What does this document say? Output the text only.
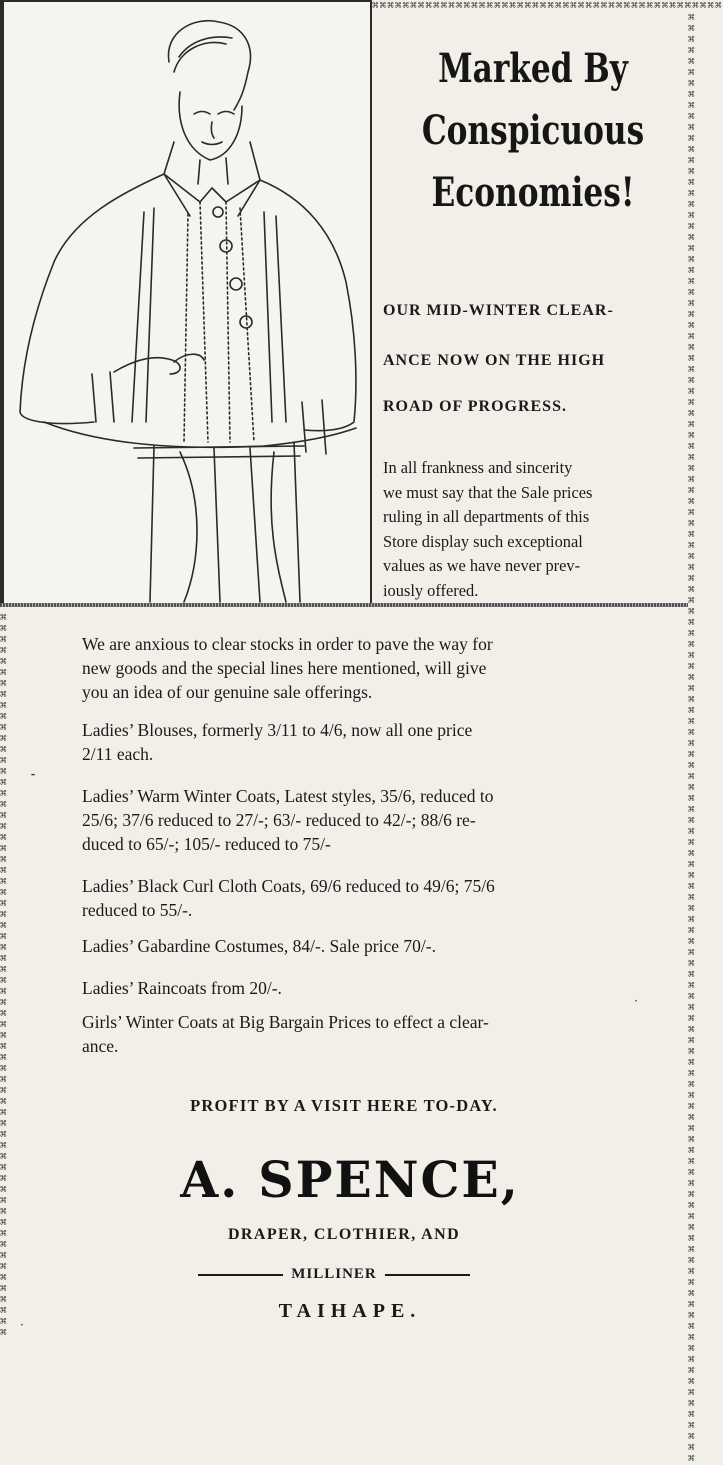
⌘⌘⌘⌘⌘⌘⌘⌘⌘⌘⌘⌘⌘⌘⌘⌘⌘⌘⌘⌘⌘⌘⌘⌘⌘⌘⌘⌘⌘⌘⌘⌘⌘⌘⌘⌘⌘⌘⌘⌘⌘⌘⌘⌘⌘⌘
⌘⌘⌘⌘⌘⌘⌘⌘⌘⌘⌘⌘⌘⌘⌘⌘⌘⌘⌘⌘⌘⌘⌘⌘⌘⌘⌘⌘⌘⌘⌘⌘⌘⌘⌘⌘⌘⌘⌘⌘⌘⌘⌘⌘⌘⌘⌘⌘⌘⌘⌘⌘⌘⌘⌘⌘⌘⌘⌘⌘⌘⌘⌘⌘⌘⌘⌘⌘⌘⌘⌘⌘⌘⌘⌘⌘⌘⌘⌘⌘⌘⌘⌘⌘⌘⌘⌘⌘⌘⌘⌘⌘⌘⌘⌘⌘⌘⌘⌘⌘⌘⌘⌘⌘⌘⌘⌘⌘⌘⌘⌘⌘⌘⌘⌘⌘⌘⌘⌘⌘⌘⌘⌘⌘⌘⌘⌘⌘⌘⌘⌘⌘
⌘⌘⌘⌘⌘⌘⌘⌘⌘⌘⌘⌘⌘⌘⌘⌘⌘⌘⌘⌘⌘⌘⌘⌘⌘⌘⌘⌘⌘⌘⌘⌘⌘⌘⌘⌘⌘⌘⌘⌘⌘⌘⌘⌘⌘⌘⌘⌘⌘⌘⌘⌘⌘⌘⌘⌘⌘⌘⌘⌘⌘⌘⌘⌘⌘⌘
Marked By
Conspicuous
Economies!
OUR MID-WINTER CLEAR-
ANCE NOW ON THE HIGH
ROAD OF PROGRESS.
In all frankness and sincerity
we must say that the Sale prices
ruling in all departments of this
Store display such exceptional
values as we have never prev-
iously offered.
We are anxious to clear stocks in order to pave the way for
new goods and the special lines here mentioned, will give
you an idea of our genuine sale offerings.
Ladies’ Blouses, formerly 3/11 to 4/6, now all one price
2/11 each.
Ladies’ Warm Winter Coats, Latest styles, 35/6, reduced to
25/6; 37/6 reduced to 27/-; 63/- reduced to 42/-; 88/6 re-
duced to 65/-; 105/- reduced to 75/-
Ladies’ Black Curl Cloth Coats, 69/6 reduced to 49/6; 75/6
reduced to 55/-.
Ladies’ Gabardine Costumes, 84/-. Sale price 70/-.
Ladies’ Raincoats from 20/-.
Girls’ Winter Coats at Big Bargain Prices to effect a clear-
ance.
PROFIT BY A VISIT HERE TO-DAY.
A. SPENCE,
DRAPER, CLOTHIER, AND
MILLINER
TAIHAPE.
⁃
·
·
